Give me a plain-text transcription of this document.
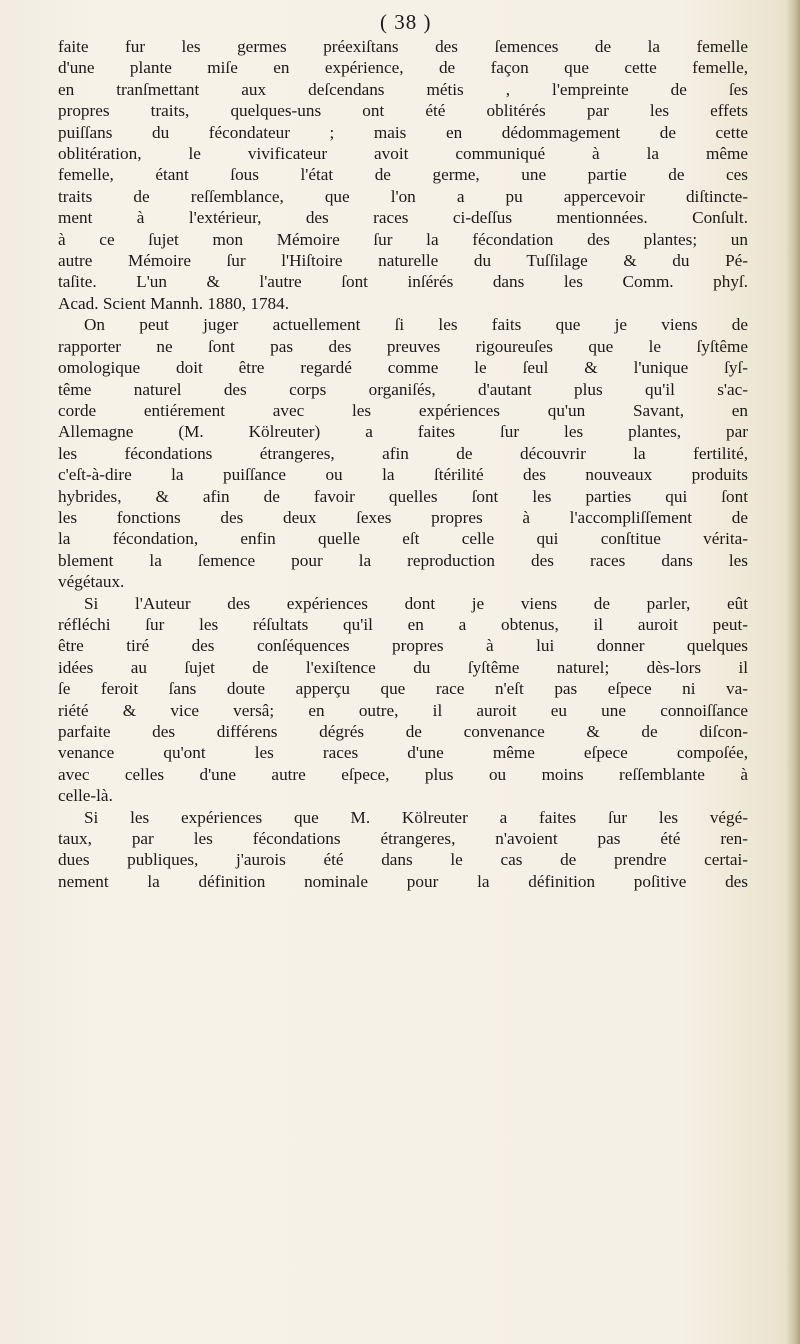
( 38 )
faite fur les germes préexiſtans des ſemences de la femelle
d'une plante miſe en expérience, de façon que cette femelle,
en tranſmettant aux deſcendans métis , l'empreinte de ſes
propres traits, quelques-uns ont été oblitérés par les effets
puiſſans du fécondateur ; mais en dédommagement de cette
oblitération, le vivificateur avoit communiqué à la même
femelle, étant ſous l'état de germe, une partie de ces
traits de reſſemblance, que l'on a pu appercevoir diſtincte-
ment à l'extérieur, des races ci-deſſus mentionnées. Conſult.
à ce ſujet mon Mémoire ſur la fécondation des plantes; un
autre Mémoire ſur l'Hiſtoire naturelle du Tuſſilage & du Pé-
taſite. L'un & l'autre ſont inſérés dans les Comm. phyſ.
Acad. Scient Mannh. 1880, 1784.
On peut juger actuellement ſi les faits que je viens de
rapporter ne ſont pas des preuves rigoureuſes que le ſyſtême
omologique doit être regardé comme le ſeul & l'unique ſyſ-
tême naturel des corps organiſés, d'autant plus qu'il s'ac-
corde entiérement avec les expériences qu'un Savant, en
Allemagne (M. Kölreuter) a faites ſur les plantes, par
les fécondations étrangeres, afin de découvrir la fertilité,
c'eſt-à-dire la puiſſance ou la ſtérilité des nouveaux produits
hybrides, & afin de favoir quelles ſont les parties qui ſont
les fonctions des deux ſexes propres à l'accompliſſement de
la fécondation, enfin quelle eſt celle qui conſtitue vérita-
blement la ſemence pour la reproduction des races dans les
végétaux.
Si l'Auteur des expériences dont je viens de parler, eût
réfléchi ſur les réſultats qu'il en a obtenus, il auroit peut-
être tiré des conſéquences propres à lui donner quelques
idées au ſujet de l'exiſtence du ſyſtême naturel; dès-lors il
ſe feroit ſans doute apperçu que race n'eſt pas eſpece ni va-
riété & vice versâ; en outre, il auroit eu une connoiſſance
parfaite des différens dégrés de convenance & de diſcon-
venance qu'ont les races d'une même eſpece compoſée,
avec celles d'une autre eſpece, plus ou moins reſſemblante à
celle-là.
Si les expériences que M. Kölreuter a faites ſur les végé-
taux, par les fécondations étrangeres, n'avoient pas été ren-
dues publiques, j'aurois été dans le cas de prendre certai-
nement la définition nominale pour la définition poſitive des
